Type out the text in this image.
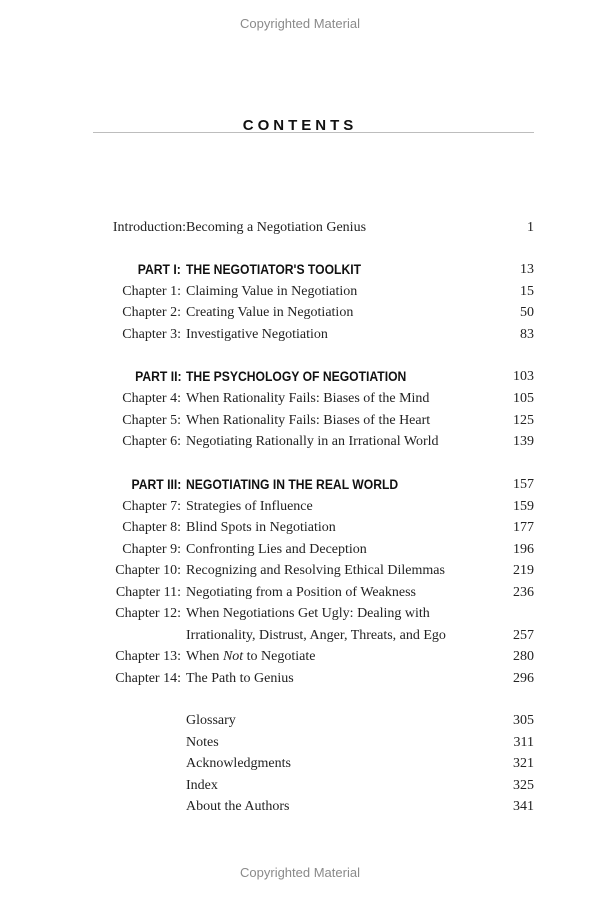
Copyrighted Material
CONTENTS
Introduction: Becoming a Negotiation Genius	1
PART I: THE NEGOTIATOR'S TOOLKIT	13
Chapter 1: Claiming Value in Negotiation	15
Chapter 2: Creating Value in Negotiation	50
Chapter 3: Investigative Negotiation	83
PART II: THE PSYCHOLOGY OF NEGOTIATION	103
Chapter 4: When Rationality Fails: Biases of the Mind	105
Chapter 5: When Rationality Fails: Biases of the Heart	125
Chapter 6: Negotiating Rationally in an Irrational World	139
PART III: NEGOTIATING IN THE REAL WORLD	157
Chapter 7: Strategies of Influence	159
Chapter 8: Blind Spots in Negotiation	177
Chapter 9: Confronting Lies and Deception	196
Chapter 10: Recognizing and Resolving Ethical Dilemmas	219
Chapter 11: Negotiating from a Position of Weakness	236
Chapter 12: When Negotiations Get Ugly: Dealing with
Irrationality, Distrust, Anger, Threats, and Ego	257
Chapter 13: When Not to Negotiate	280
Chapter 14: The Path to Genius	296
Glossary	305
Notes	311
Acknowledgments	321
Index	325
About the Authors	341
Copyrighted Material
